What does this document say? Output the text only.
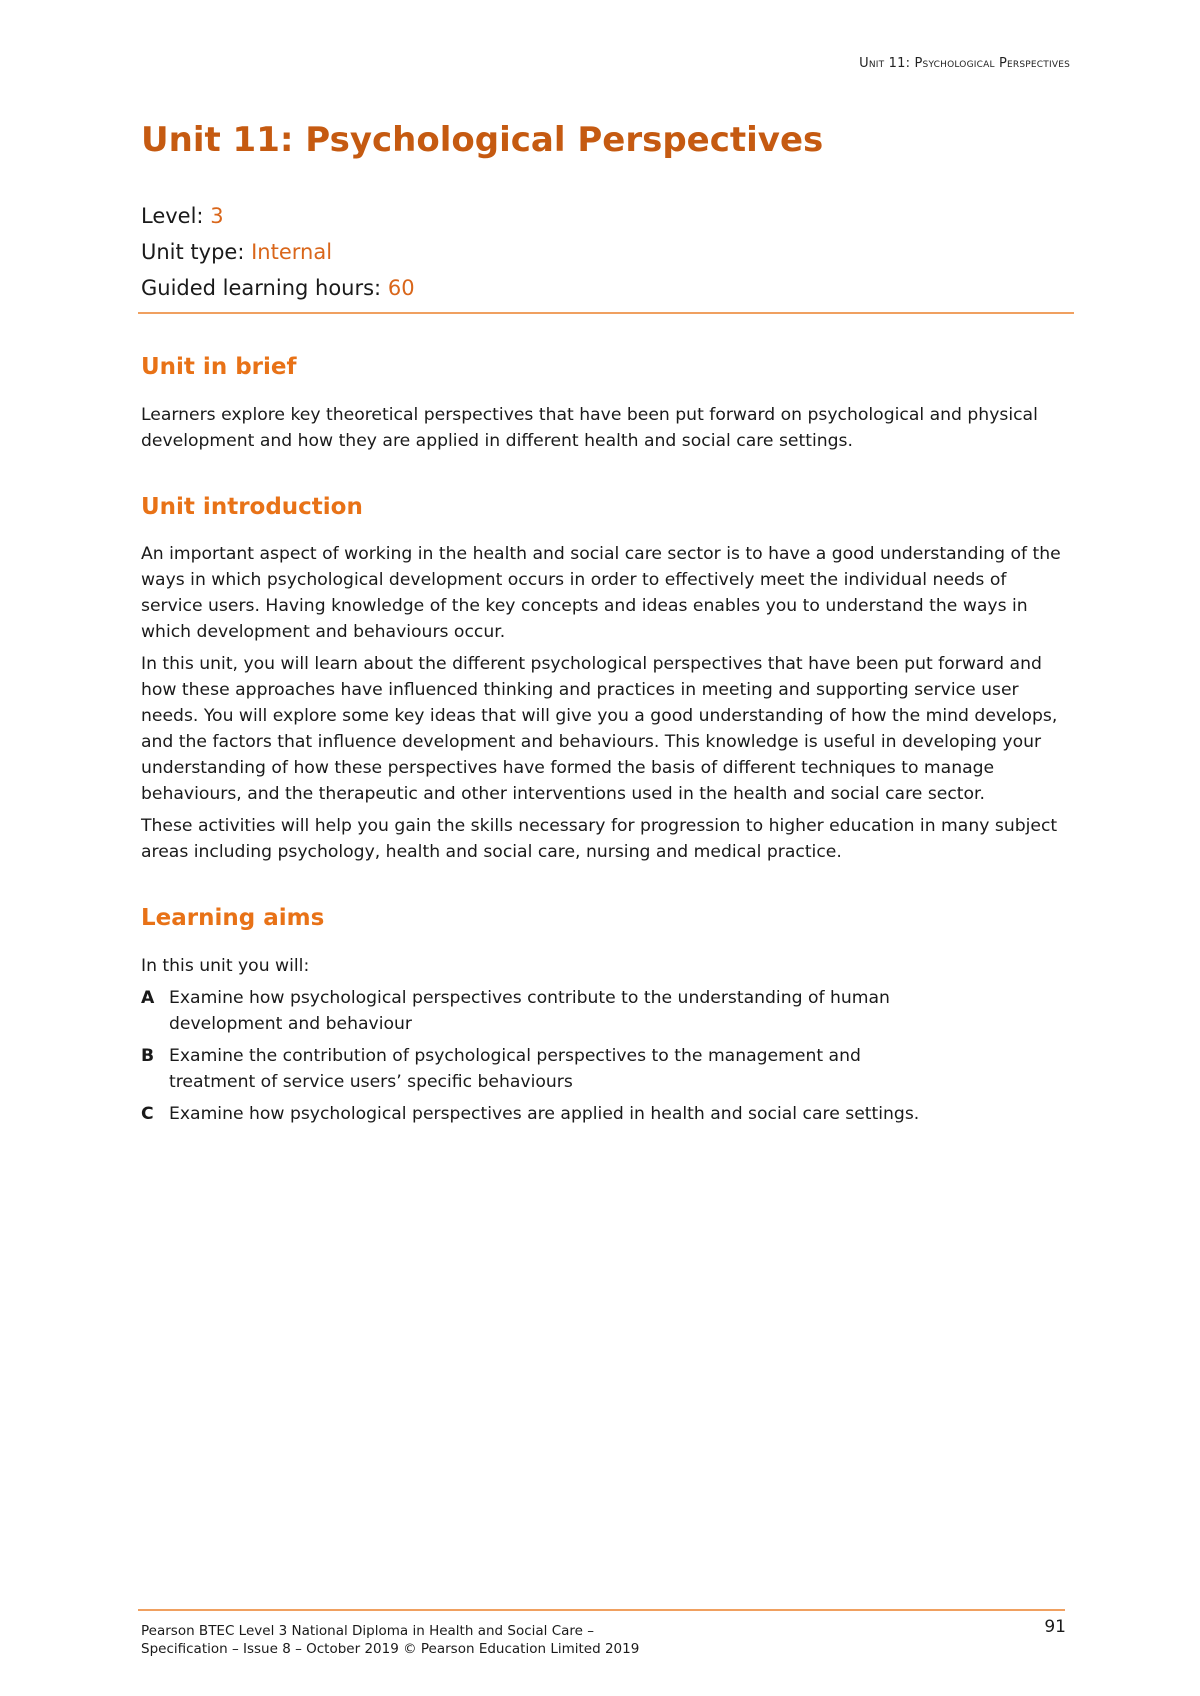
Unit 11: Psychological Perspectives
Unit 11: Psychological Perspectives
Level: 3
Unit type: Internal
Guided learning hours: 60
Unit in brief

Learners explore key theoretical perspectives that have been put forward on psychological and physical development and how they are applied in different health and social care settings.

Unit introduction

An important aspect of working in the health and social care sector is to have a good understanding of the ways in which psychological development occurs in order to effectively meet the individual needs of service users. Having knowledge of the key concepts and ideas enables you to understand the ways in which development and behaviours occur.

In this unit, you will learn about the different psychological perspectives that have been put forward and how these approaches have influenced thinking and practices in meeting and supporting service user needs. You will explore some key ideas that will give you a good understanding of how the mind develops, and the factors that influence development and behaviours. This knowledge is useful in developing your understanding of how these perspectives have formed the basis of different techniques to manage behaviours, and the therapeutic and other interventions used in the health and social care sector.

These activities will help you gain the skills necessary for progression to higher education in many subject areas including psychology, health and social care, nursing and medical practice.

Learning aims

In this unit you will:

A Examine how psychological perspectives contribute to the understanding of human development and behaviour
B Examine the contribution of psychological perspectives to the management and treatment of service users’ specific behaviours
C Examine how psychological perspectives are applied in health and social care settings.
Pearson BTEC Level 3 National Diploma in Health and Social Care –
Specification – Issue 8 – October 2019 © Pearson Education Limited 2019
91
